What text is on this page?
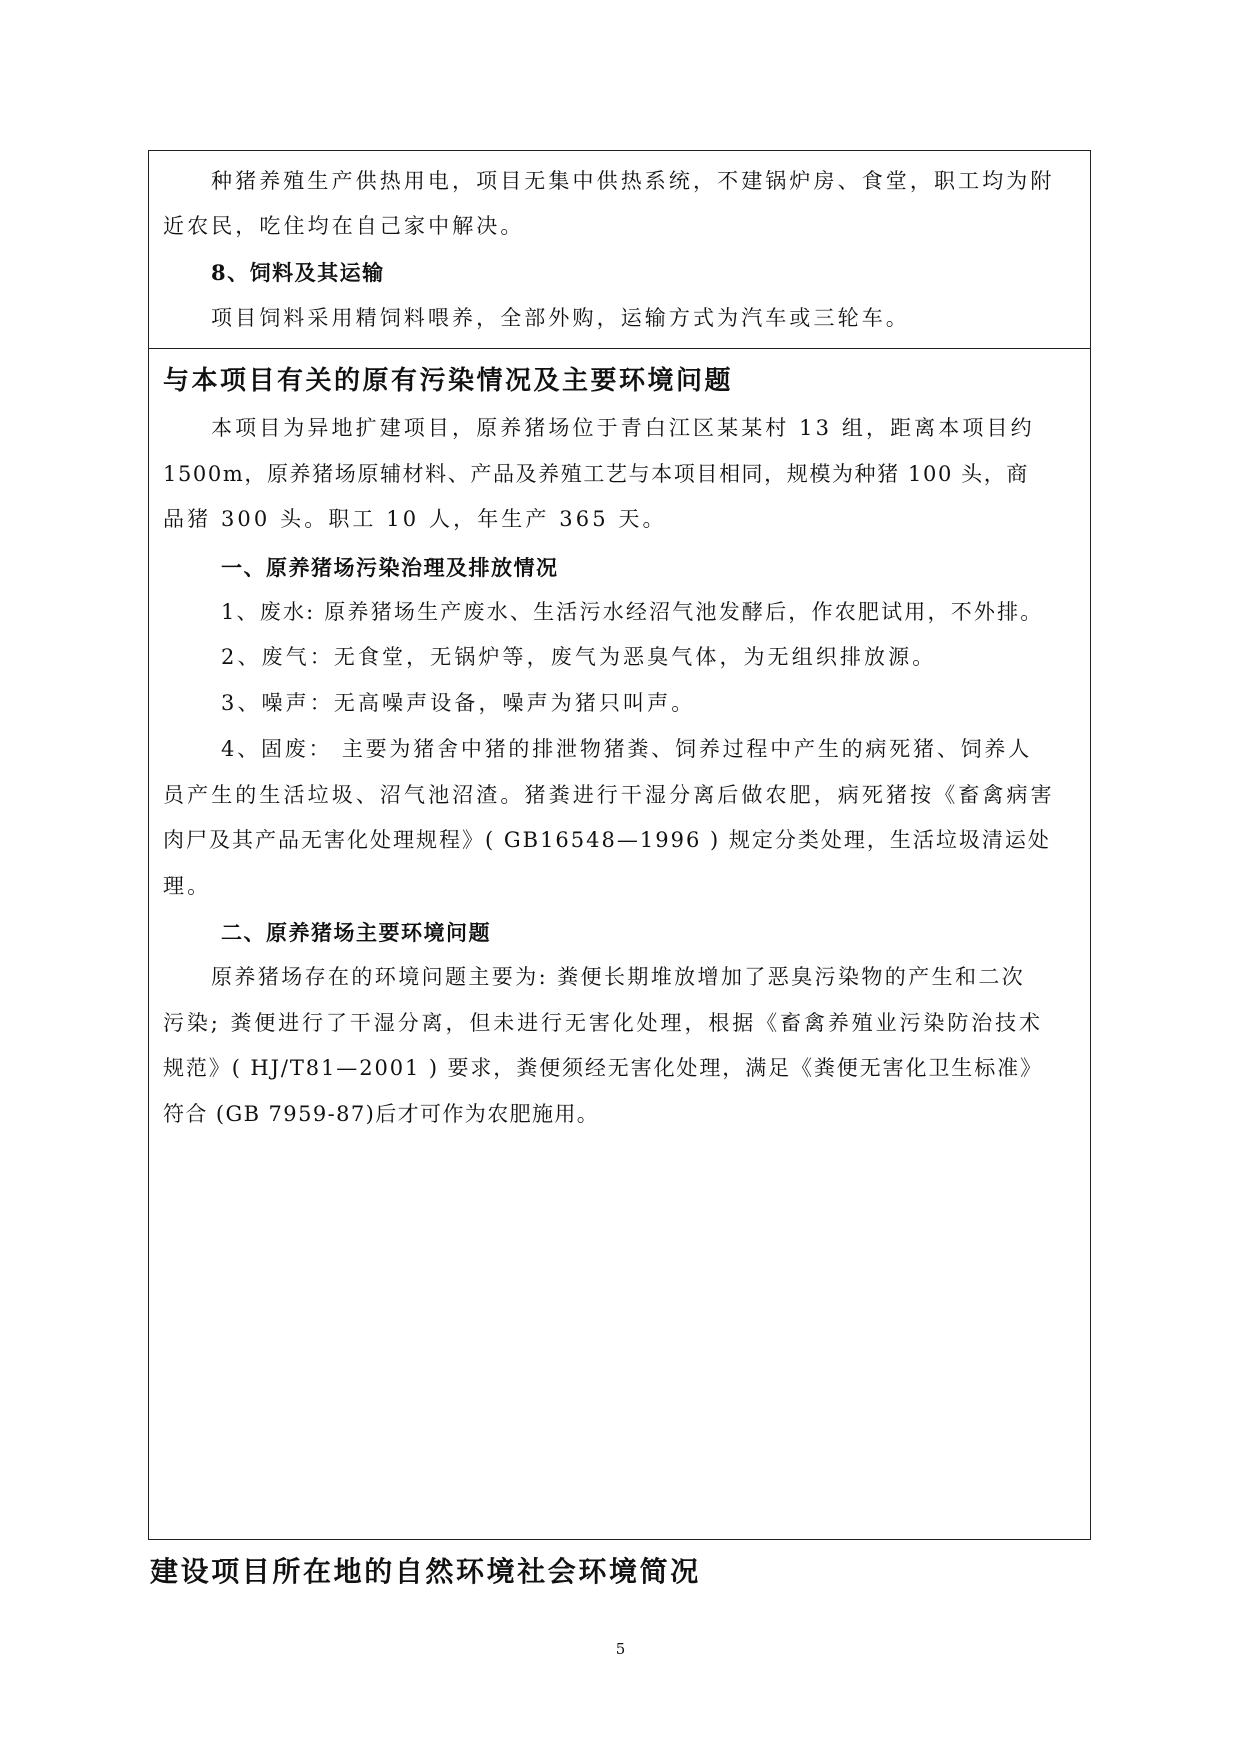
种猪养殖生产供热用电，项目无集中供热系统，不建锅炉房、食堂，职工均为附
近农民，吃住均在自己家中解决。
8、饲料及其运输
项目饲料采用精饲料喂养，全部外购，运输方式为汽车或三轮车。
与本项目有关的原有污染情况及主要环境问题
本项目为异地扩建项目，原养猪场位于青白江区某某村 13 组，距离本项目约
1500m，原养猪场原辅材料、产品及养殖工艺与本项目相同，规模为种猪 100 头，商
品猪 300 头。职工 10 人，年生产 365 天。
一、原养猪场污染治理及排放情况
1、废水: 原养猪场生产废水、生活污水经沼气池发酵后，作农肥试用，不外排。
2、废气：无食堂，无锅炉等，废气为恶臭气体，为无组织排放源。
3、噪声：无高噪声设备，噪声为猪只叫声。
4、固废： 主要为猪舍中猪的排泄物猪粪、饲养过程中产生的病死猪、饲养人
员产生的生活垃圾、沼气池沼渣。猪粪进行干湿分离后做农肥，病死猪按《畜禽病害
肉尸及其产品无害化处理规程》( GB16548—1996 ) 规定分类处理，生活垃圾清运处
理。
二、原养猪场主要环境问题
原养猪场存在的环境问题主要为: 粪便长期堆放增加了恶臭污染物的产生和二次
污染; 粪便进行了干湿分离，但未进行无害化处理，根据《畜禽养殖业污染防治技术
规范》( HJ/T81—2001 ) 要求，粪便须经无害化处理，满足《粪便无害化卫生标准》
符合 (GB 7959-87)后才可作为农肥施用。
建设项目所在地的自然环境社会环境简况
5
